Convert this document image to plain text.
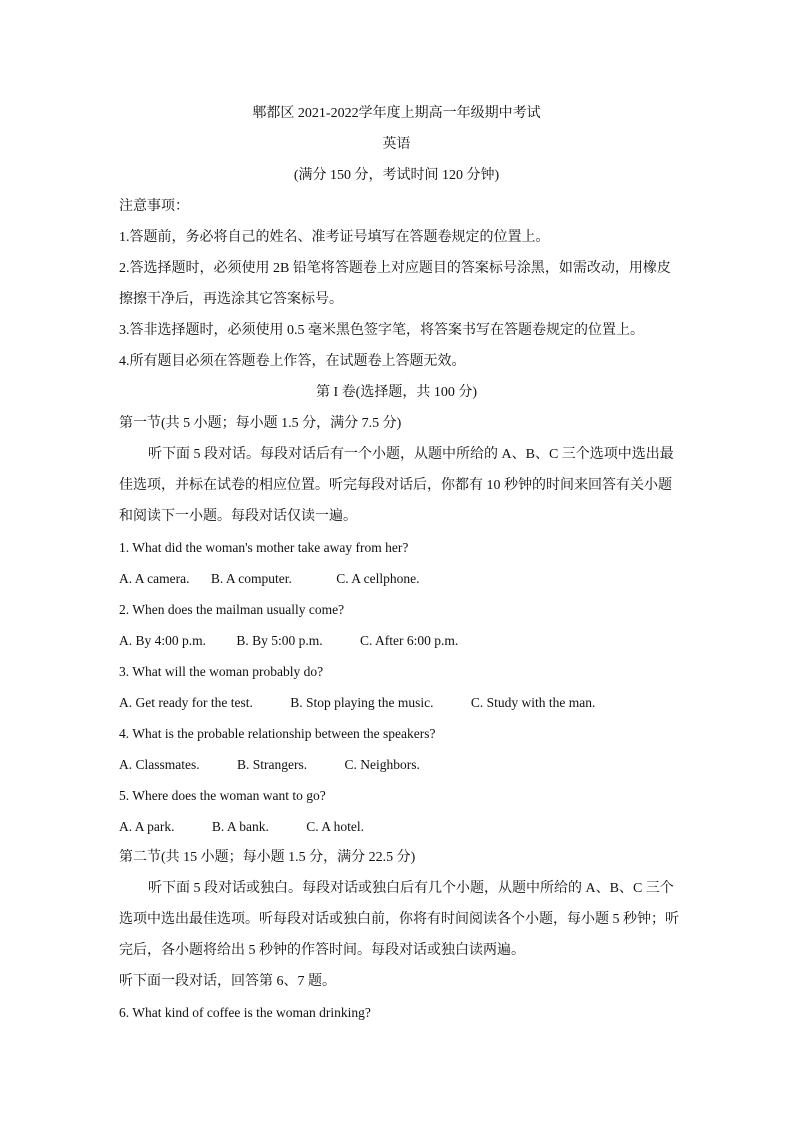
郫都区 2021-2022学年度上期高一年级期中考试
英语
(满分 150 分，考试时间 120 分钟)
注意事项：
1.答题前，务必将自己的姓名、准考证号填写在答题卷规定的位置上。
2.答选择题时，必须使用 2B 铅笔将答题卷上对应题目的答案标号涂黑，如需改动，用橡皮
擦擦干净后，再选涂其它答案标号。
3.答非选择题时，必须使用 0.5 毫米黑色签字笔，将答案书写在答题卷规定的位置上。
4.所有题目必须在答题卷上作答，在试题卷上答题无效。
第 I 卷(选择题，共 100 分)
第一节(共 5 小题；每小题 1.5 分，满分 7.5 分)
听下面 5 段对话。每段对话后有一个小题，从题中所给的 A、B、C 三个选项中选出最
佳选项，并标在试卷的相应位置。听完每段对话后，你都有 10 秒钟的时间来回答有关小题
和阅读下一小题。每段对话仅读一遍。
1. What did the woman's mother take away from her?
A. A camera. B. A computer.	C. A cellphone.
2. When does the mailman usually come?
A. By 4:00 p.m. B. By 5:00 p.m.	C. After 6:00 p.m.
3. What will the woman probably do?
A. Get ready for the test.	B. Stop playing the music.	C. Study with the man.
4. What is the probable relationship between the speakers?
A. Classmates.	B. Strangers.	C. Neighbors.
5. Where does the woman want to go?
A. A park.	B. A bank.	C. A hotel.
第二节(共 15 小题；每小题 1.5 分，满分 22.5 分)
听下面 5 段对话或独白。每段对话或独白后有几个小题，从题中所给的 A、B、C 三个
选项中选出最佳选项。听每段对话或独白前，你将有时间阅读各个小题，每小题 5 秒钟；听
完后，各小题将给出 5 秒钟的作答时间。每段对话或独白读两遍。
听下面一段对话，回答第 6、7 题。
6. What kind of coffee is the woman drinking?
